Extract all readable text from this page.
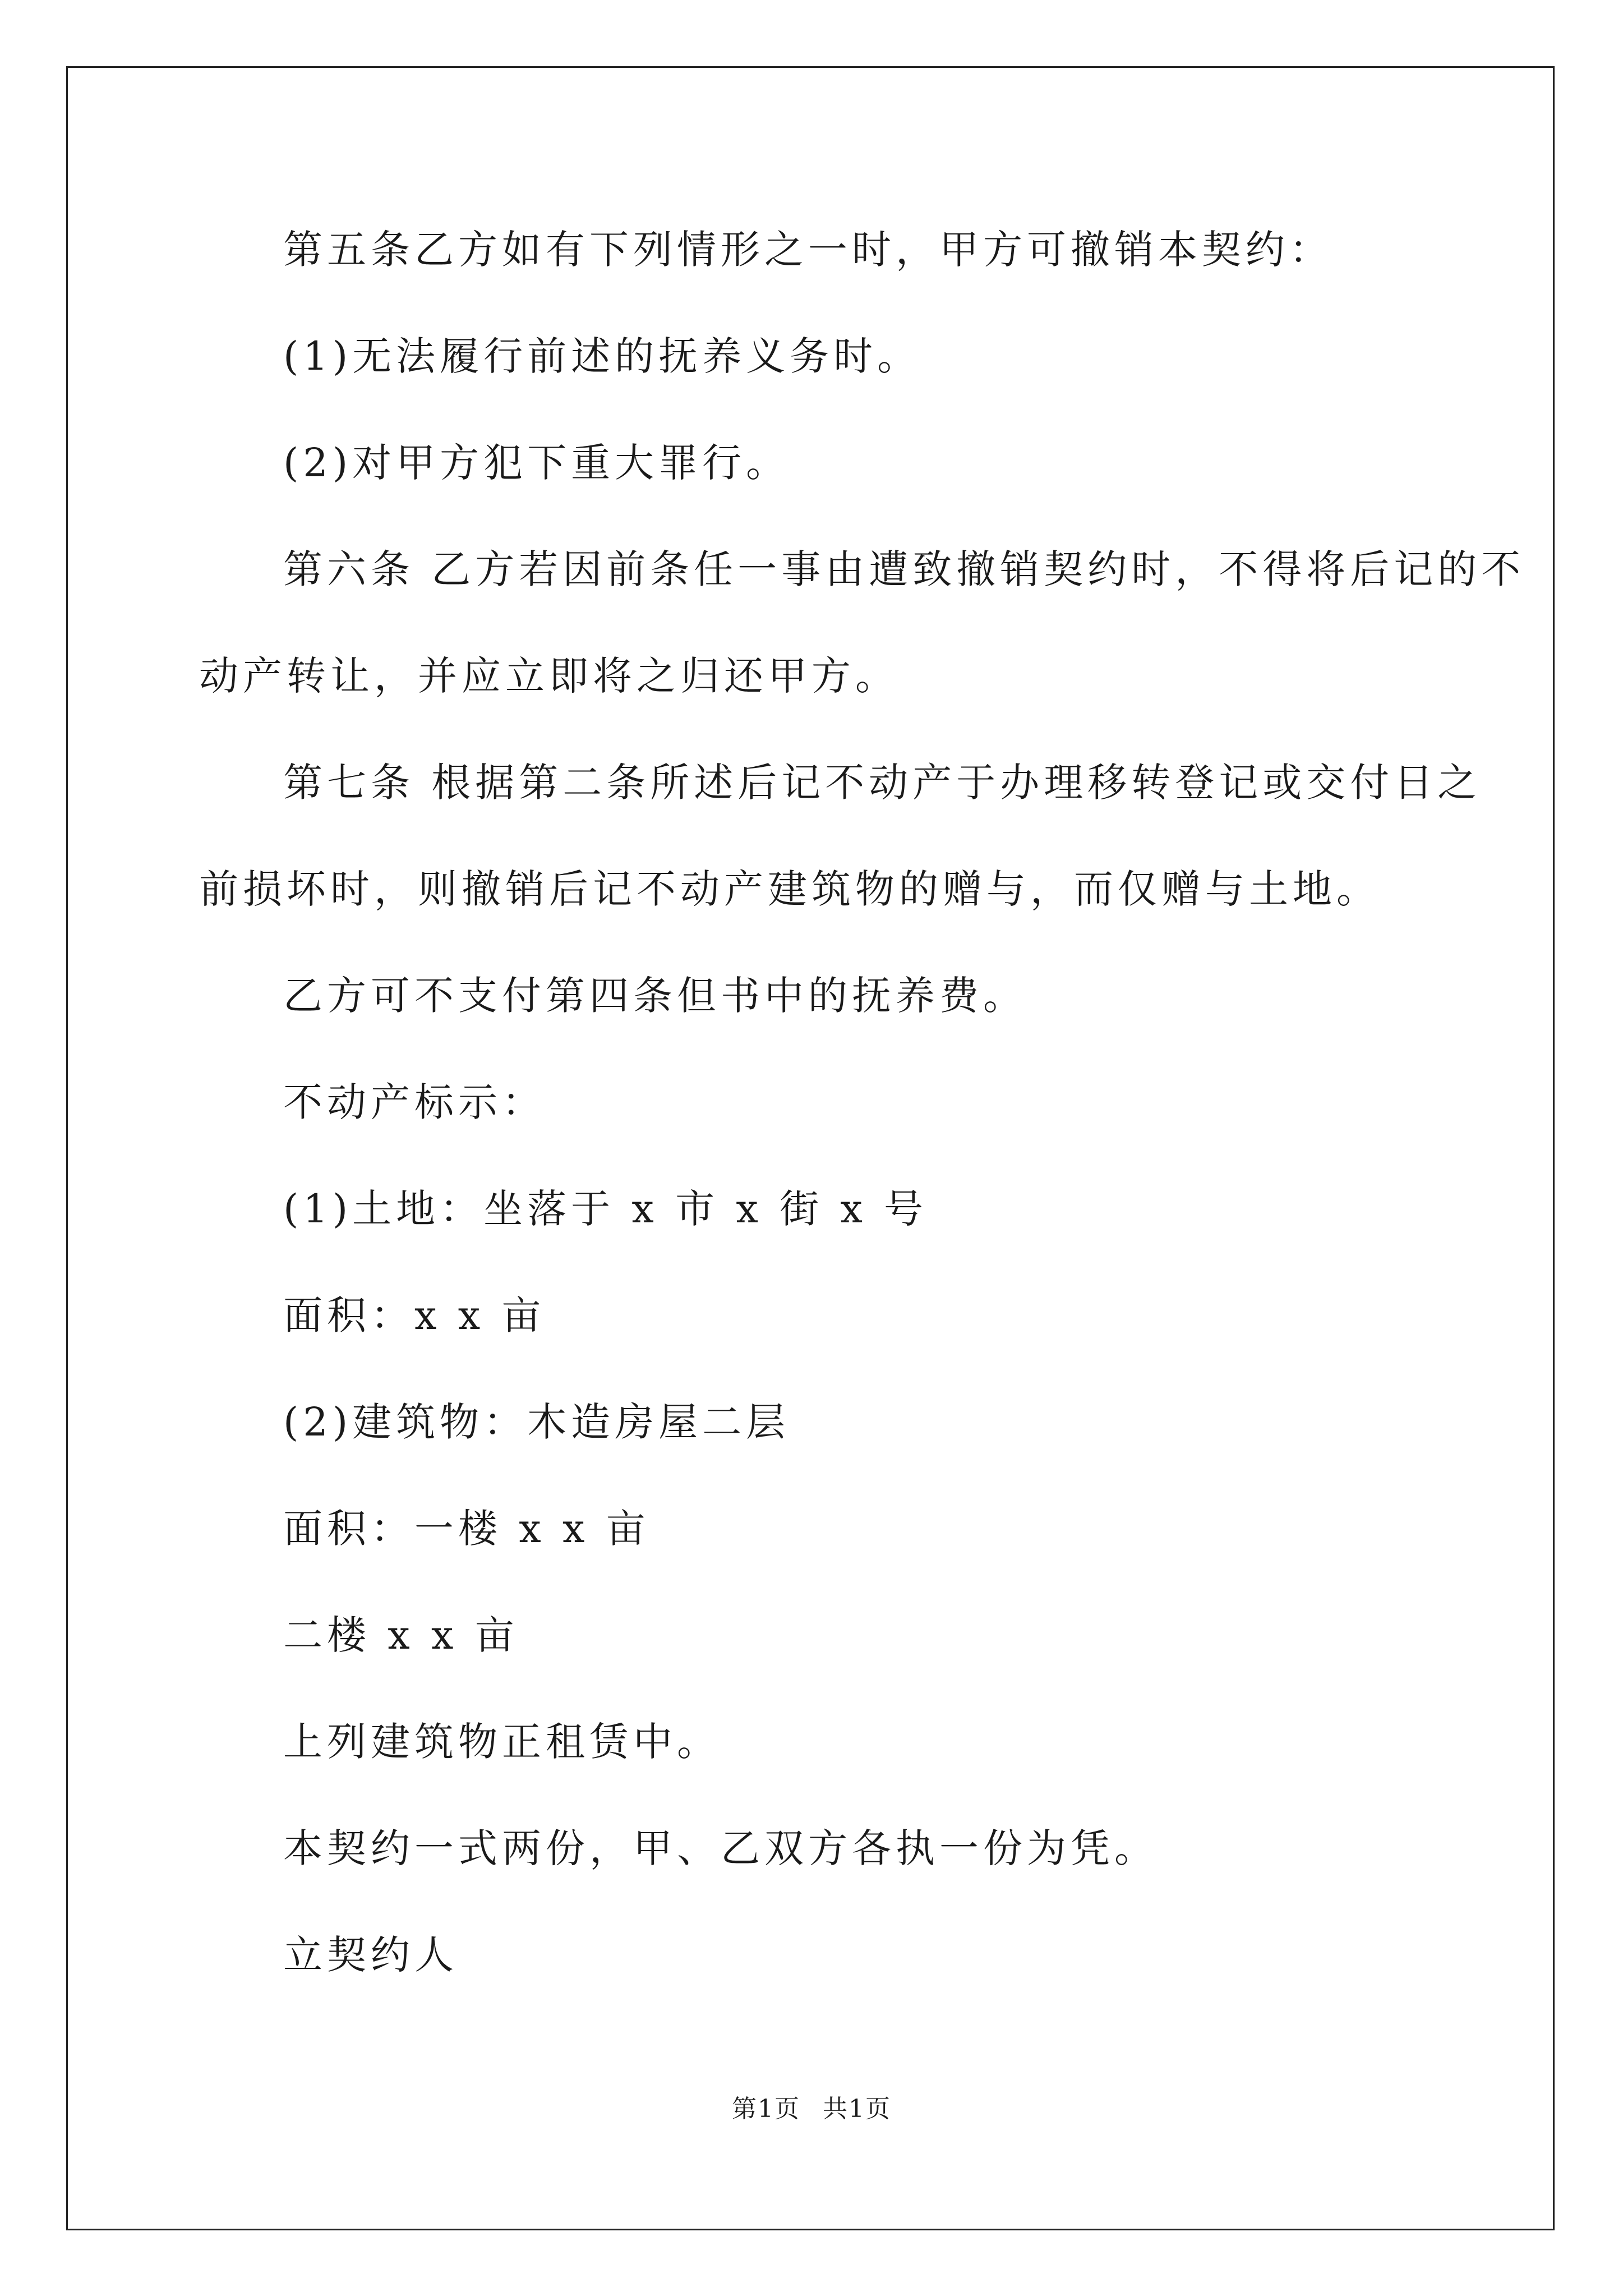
第五条乙方如有下列情形之一时，甲方可撤销本契约：

(1)无法履行前述的抚养义务时。

(2)对甲方犯下重大罪行。

第六条 乙方若因前条任一事由遭致撤销契约时，不得将后记的不

动产转让，并应立即将之归还甲方。

第七条 根据第二条所述后记不动产于办理移转登记或交付日之

前损坏时，则撤销后记不动产建筑物的赠与，而仅赠与土地。

乙方可不支付第四条但书中的抚养费。

不动产标示：

(1)土地：坐落于 x 市 x 街 x 号

面积：x x 亩

(2)建筑物：木造房屋二层

面积：一楼 x x 亩

二楼 x x 亩

上列建筑物正租赁中。

本契约一式两份，甲、乙双方各执一份为凭。

立契约人

第1页 共1页
